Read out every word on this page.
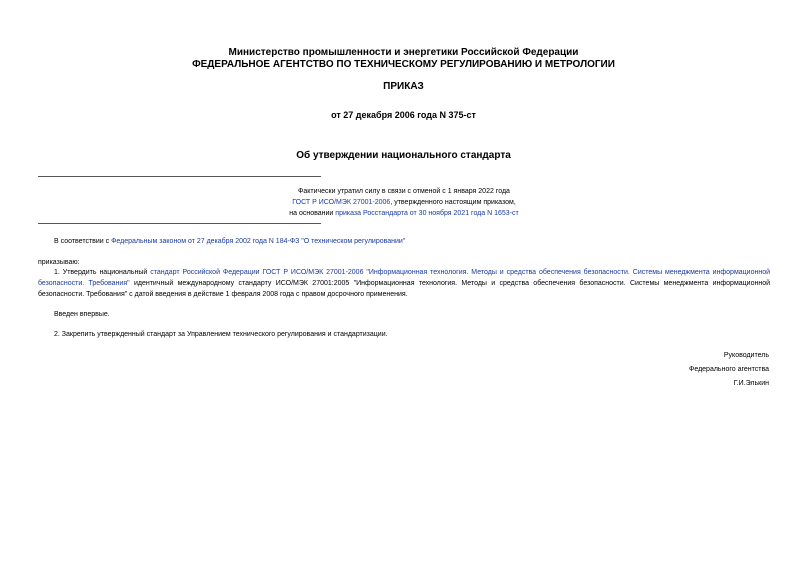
Министерство промышленности и энергетики Российской Федерации
ФЕДЕРАЛЬНОЕ АГЕНТСТВО ПО ТЕХНИЧЕСКОМУ РЕГУЛИРОВАНИЮ И МЕТРОЛОГИИ
ПРИКАЗ
от 27 декабря 2006 года N 375-ст
Об утверждении национального стандарта
Фактически утратил силу в связи с отменой с 1 января 2022 года
ГОСТ Р ИСО/МЭК 27001-2006, утвержденного настоящим приказом,
на основании приказа Росстандарта от 30 ноября 2021 года N 1653-ст
В соответствии с Федеральным законом от 27 декабря 2002 года N 184-ФЗ "О техническом регулировании"
приказываю:
1. Утвердить национальный стандарт Российской Федерации ГОСТ Р ИСО/МЭК 27001-2006 "Информационная технология. Методы и средства обеспечения безопасности. Системы менеджмента информационной безопасности. Требования" идентичный международному стандарту ИСО/МЭК 27001:2005 "Информационная технология. Методы и средства обеспечения безопасности. Системы менеджмента информационной безопасности. Требования" с датой введения в действие 1 февраля 2008 года с правом досрочного применения.
Введен впервые.
2. Закрепить утвержденный стандарт за Управлением технического регулирования и стандартизации.
Руководитель
Федерального агентства
Г.И.Элькин
